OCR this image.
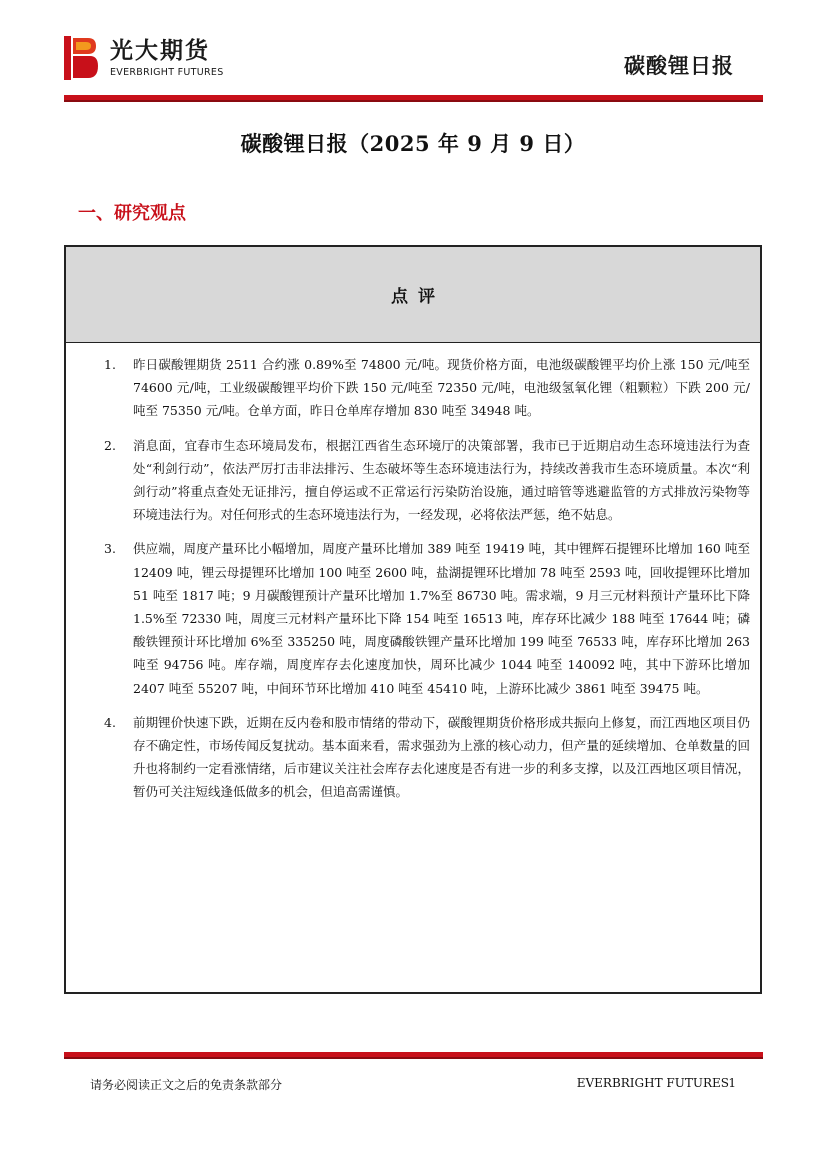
光大期货
EVERBRIGHT FUTURES	碳酸锂日报
碳酸锂日报（2025 年 9 月 9 日）
一、研究观点
点评
1. 昨日碳酸锂期货 2511 合约涨 0.89%至 74800 元/吨。现货价格方面，电池级碳酸锂平均价上涨 150 元/吨至 74600 元/吨，工业级碳酸锂平均价下跌 150 元/吨至 72350 元/吨，电池级氢氧化锂（粗颗粒）下跌 200 元/吨至 75350 元/吨。仓单方面，昨日仓单库存增加 830 吨至 34948 吨。
2. 消息面，宜春市生态环境局发布，根据江西省生态环境厅的决策部署，我市已于近期启动生态环境违法行为查处“利剑行动”，依法严厉打击非法排污、生态破坏等生态环境违法行为，持续改善我市生态环境质量。本次“利剑行动”将重点查处无证排污，擅自停运或不正常运行污染防治设施，通过暗管等逃避监管的方式排放污染物等环境违法行为。对任何形式的生态环境违法行为，一经发现，必将依法严惩，绝不姑息。
3. 供应端，周度产量环比小幅增加，周度产量环比增加 389 吨至 19419 吨，其中锂辉石提锂环比增加 160 吨至 12409 吨，锂云母提锂环比增加 100 吨至 2600 吨，盐湖提锂环比增加 78 吨至 2593 吨，回收提锂环比增加 51 吨至 1817 吨；9 月碳酸锂预计产量环比增加 1.7%至 86730 吨。需求端，9 月三元材料预计产量环比下降 1.5%至 72330 吨，周度三元材料产量环比下降 154 吨至 16513 吨，库存环比减少 188 吨至 17644 吨；磷酸铁锂预计环比增加 6%至 335250 吨，周度磷酸铁锂产量环比增加 199 吨至 76533 吨，库存环比增加 263 吨至 94756 吨。库存端，周度库存去化速度加快，周环比减少 1044 吨至 140092 吨，其中下游环比增加 2407 吨至 55207 吨，中间环节环比增加 410 吨至 45410 吨，上游环比减少 3861 吨至 39475 吨。
4. 前期锂价快速下跌，近期在反内卷和股市情绪的带动下，碳酸锂期货价格形成共振向上修复，而江西地区项目仍存不确定性，市场传闻反复扰动。基本面来看，需求强劲为上涨的核心动力，但产量的延续增加、仓单数量的回升也将制约一定看涨情绪，后市建议关注社会库存去化速度是否有进一步的利多支撑，以及江西地区项目情况，暂仍可关注短线逢低做多的机会，但追高需谨慎。
请务必阅读正文之后的免责条款部分	EVERBRIGHT FUTURES 1
